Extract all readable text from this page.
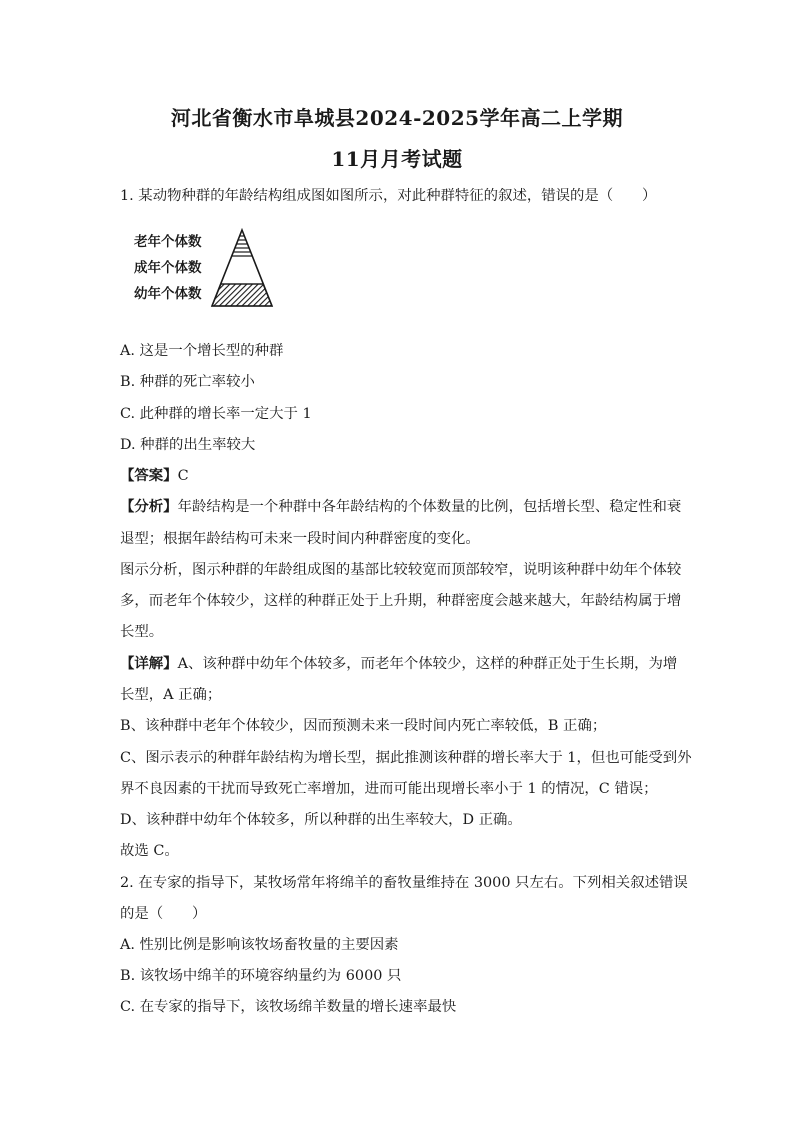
河北省衡水市阜城县2024-2025学年高二上学期
11月月考试题

1. 某动物种群的年龄结构组成图如图所示，对此种群特征的叙述，错误的是（　　）

老年个体数
成年个体数
幼年个体数

A. 这是一个增长型的种群

B. 种群的死亡率较小

C. 此种群的增长率一定大于 1

D. 种群的出生率较大

【答案】C

【分析】年龄结构是一个种群中各年龄结构的个体数量的比例，包括增长型、稳定性和衰

退型；根据年龄结构可未来一段时间内种群密度的变化。

图示分析，图示种群的年龄组成图的基部比较较宽而顶部较窄，说明该种群中幼年个体较

多，而老年个体较少，这样的种群正处于上升期，种群密度会越来越大，年龄结构属于增

长型。

【详解】A、该种群中幼年个体较多，而老年个体较少，这样的种群正处于生长期，为增

长型，A 正确；

B、该种群中老年个体较少，因而预测未来一段时间内死亡率较低，B 正确；

C、图示表示的种群年龄结构为增长型，据此推测该种群的增长率大于 1，但也可能受到外

界不良因素的干扰而导致死亡率增加，进而可能出现增长率小于 1 的情况，C 错误；

D、该种群中幼年个体较多，所以种群的出生率较大，D 正确。

故选 C。

2. 在专家的指导下，某牧场常年将绵羊的畜牧量维持在 3000 只左右。下列相关叙述错误

的是（　　）

A. 性别比例是影响该牧场畜牧量的主要因素

B. 该牧场中绵羊的环境容纳量约为 6000 只

C. 在专家的指导下，该牧场绵羊数量的增长速率最快
